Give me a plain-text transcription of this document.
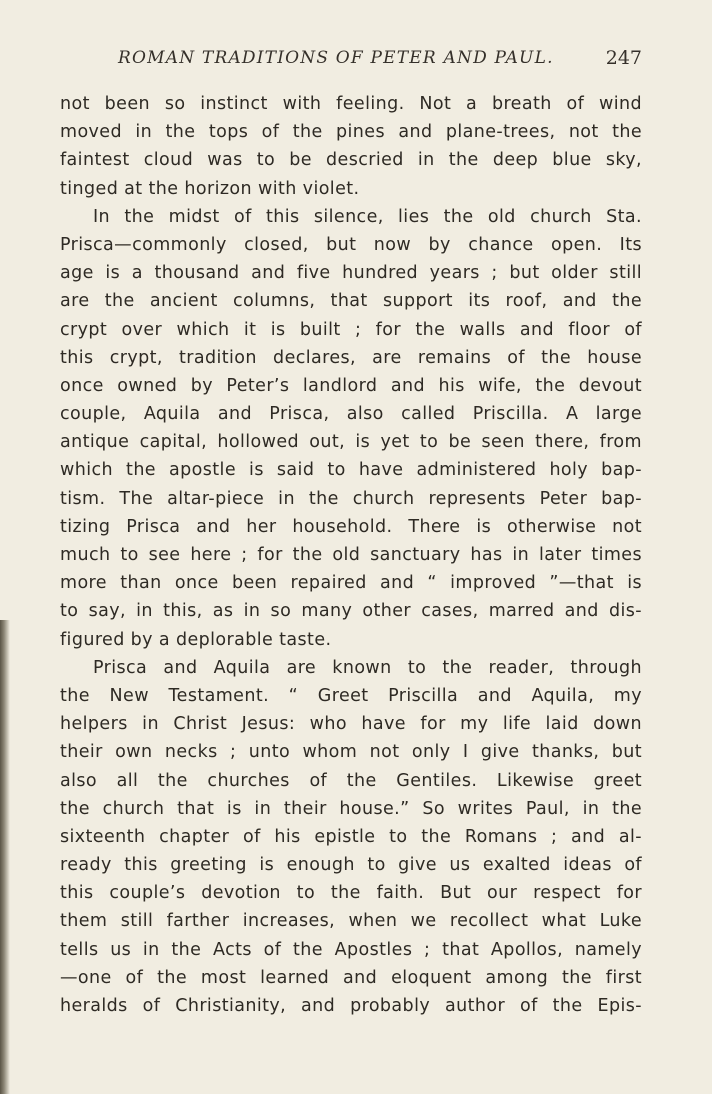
ROMAN TRADITIONS OF PETER AND PAUL.	247
not been so instinct with feeling. Not a breath of wind
moved in the tops of the pines and plane-trees, not the
faintest cloud was to be descried in the deep blue sky,
tinged at the horizon with violet.
In the midst of this silence, lies the old church Sta.
Prisca—commonly closed, but now by chance open. Its
age is a thousand and five hundred years ; but older still
are the ancient columns, that support its roof, and the
crypt over which it is built ; for the walls and floor of
this crypt, tradition declares, are remains of the house
once owned by Peter’s landlord and his wife, the devout
couple, Aquila and Prisca, also called Priscilla. A large
antique capital, hollowed out, is yet to be seen there, from
which the apostle is said to have administered holy bap-
tism. The altar-piece in the church represents Peter bap-
tizing Prisca and her household. There is otherwise not
much to see here ; for the old sanctuary has in later times
more than once been repaired and “ improved ”—that is
to say, in this, as in so many other cases, marred and dis-
figured by a deplorable taste.
Prisca and Aquila are known to the reader, through
the New Testament. “ Greet Priscilla and Aquila, my
helpers in Christ Jesus: who have for my life laid down
their own necks ; unto whom not only I give thanks, but
also all the churches of the Gentiles. Likewise greet
the church that is in their house.” So writes Paul, in the
sixteenth chapter of his epistle to the Romans ; and al-
ready this greeting is enough to give us exalted ideas of
this couple’s devotion to the faith. But our respect for
them still farther increases, when we recollect what Luke
tells us in the Acts of the Apostles ; that Apollos, namely
—one of the most learned and eloquent among the first
heralds of Christianity, and probably author of the Epis-
